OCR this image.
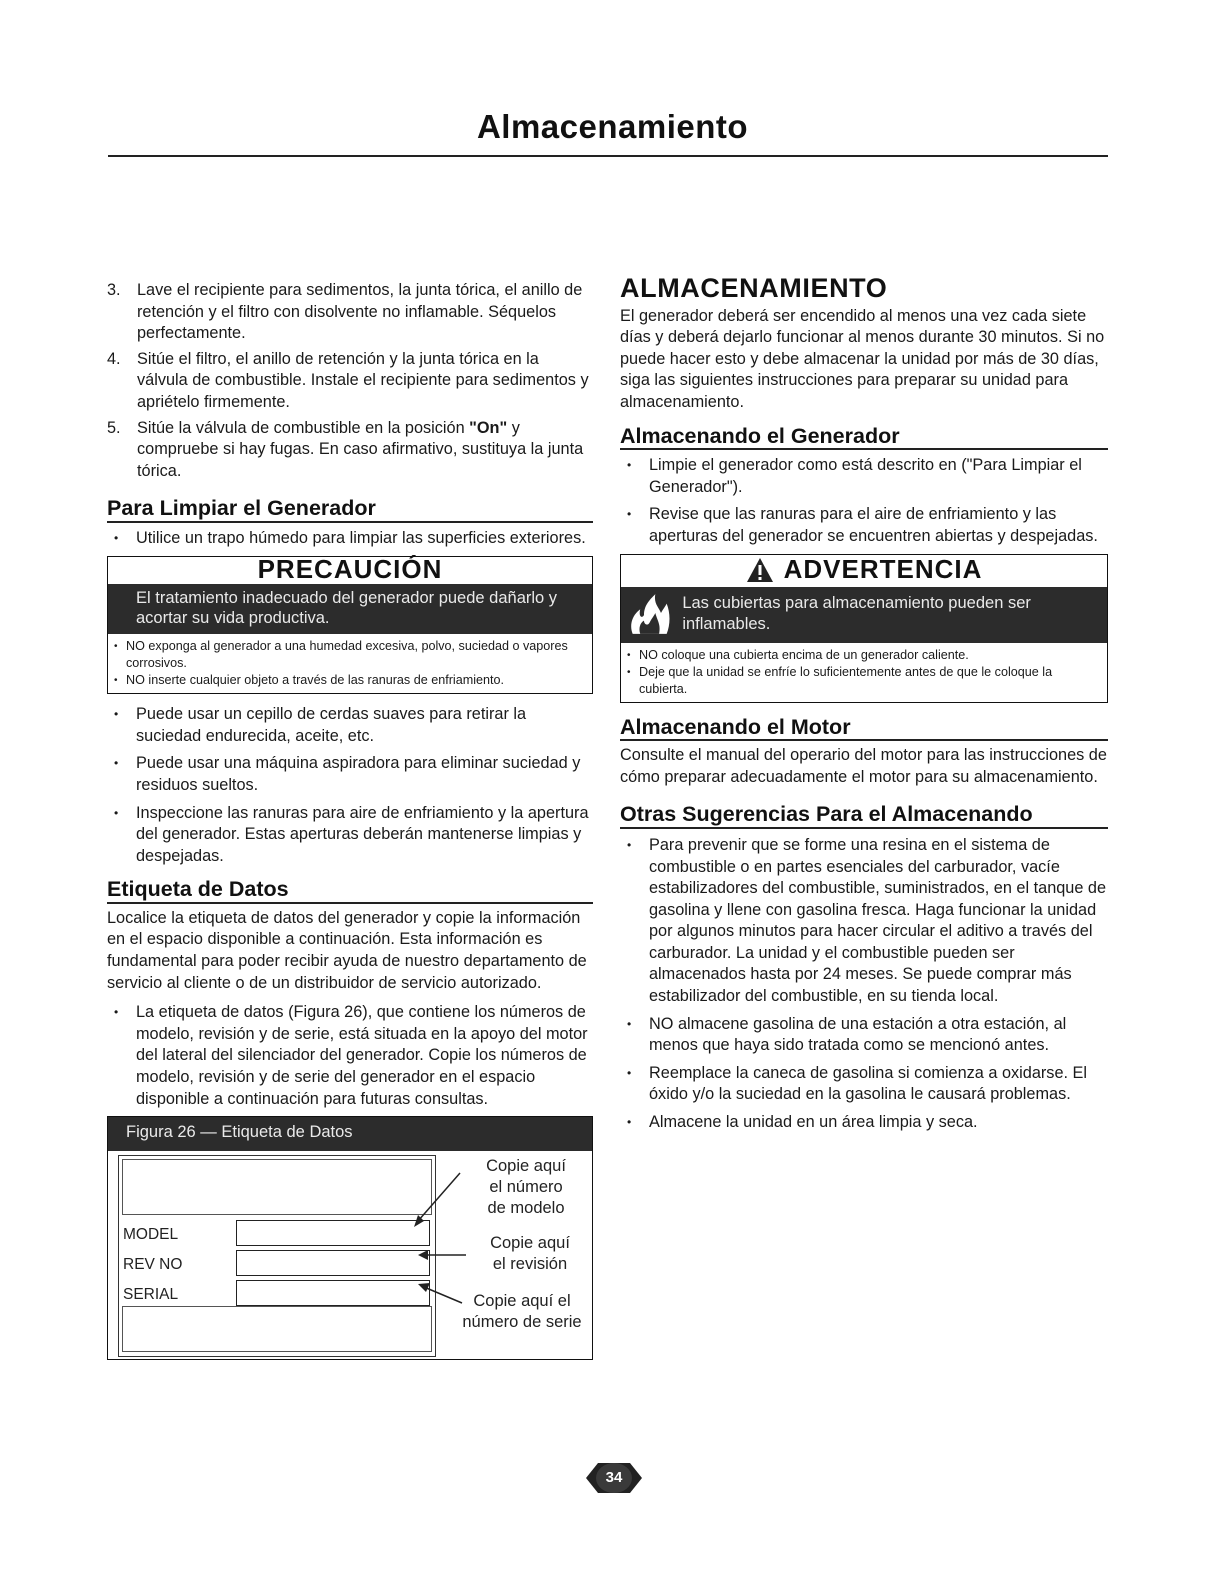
Almacenamiento
3. Lave el recipiente para sedimentos, la junta tórica, el anillo de retención y el filtro con disolvente no inflamable. Séquelos perfectamente.
4. Sitúe el filtro, el anillo de retención y la junta tórica en la válvula de combustible. Instale el recipiente para sedimentos y apriételo firmemente.
5. Sitúe la válvula de combustible en la posición "On" y compruebe si hay fugas. En caso afirmativo, sustituya la junta tórica.
Para Limpiar el Generador
• Utilice un trapo húmedo para limpiar las superficies exteriores.
PRECAUCIÓN
El tratamiento inadecuado del generador puede dañarlo y acortar su vida productiva.
• NO exponga al generador a una humedad excesiva, polvo, suciedad o vapores corrosivos.
• NO inserte cualquier objeto a través de las ranuras de enfriamiento.
• Puede usar un cepillo de cerdas suaves para retirar la suciedad endurecida, aceite, etc.
• Puede usar una máquina aspiradora para eliminar suciedad y residuos sueltos.
• Inspeccione las ranuras para aire de enfriamiento y la apertura del generador. Estas aperturas deberán mantenerse limpias y despejadas.
Etiqueta de Datos

Localice la etiqueta de datos del generador y copie la información en el espacio disponible a continuación. Esta información es fundamental para poder recibir ayuda de nuestro departamento de servicio al cliente o de un distribuidor de servicio autorizado.

• La etiqueta de datos (Figura 26), que contiene los números de modelo, revisión y de serie, está situada en la apoyo del motor del lateral del silenciador del generador. Copie los números de modelo, revisión y de serie del generador en el espacio disponible a continuación para futuras consultas.
Figura 26 — Etiqueta de Datos
MODEL
REV NO
SERIAL
Copie aquí
el número
de modelo
Copie aquí
el revisión
Copie aquí el
número de serie
ALMACENAMIENTO

El generador deberá ser encendido al menos una vez cada siete días y deberá dejarlo funcionar al menos durante 30 minutos. Si no puede hacer esto y debe almacenar la unidad por más de 30 días, siga las siguientes instrucciones para preparar su unidad para almacenamiento.

Almacenando el Generador
• Limpie el generador como está descrito en ("Para Limpiar el Generador").
• Revise que las ranuras para el aire de enfriamiento y las aperturas del generador se encuentren abiertas y despejadas.
ADVERTENCIA
Las cubiertas para almacenamiento pueden ser inflamables.
• NO coloque una cubierta encima de un generador caliente.
• Deje que la unidad se enfríe lo suficientemente antes de que le coloque la cubierta.
Almacenando el Motor

Consulte el manual del operario del motor para las instrucciones de cómo preparar adecuadamente el motor para su almacenamiento.

Otras Sugerencias Para el Almacenando
• Para prevenir que se forme una resina en el sistema de combustible o en partes esenciales del carburador, vacíe estabilizadores del combustible, suministrados, en el tanque de gasolina y llene con gasolina fresca. Haga funcionar la unidad por algunos minutos para hacer circular el aditivo a través del carburador. La unidad y el combustible pueden ser almacenados hasta por 24 meses. Se puede comprar más estabilizador del combustible, en su tienda local.
• NO almacene gasolina de una estación a otra estación, al menos que haya sido tratada como se mencionó antes.
• Reemplace la caneca de gasolina si comienza a oxidarse. El óxido y/o la suciedad en la gasolina le causará problemas.
• Almacene la unidad en un área limpia y seca.
34
